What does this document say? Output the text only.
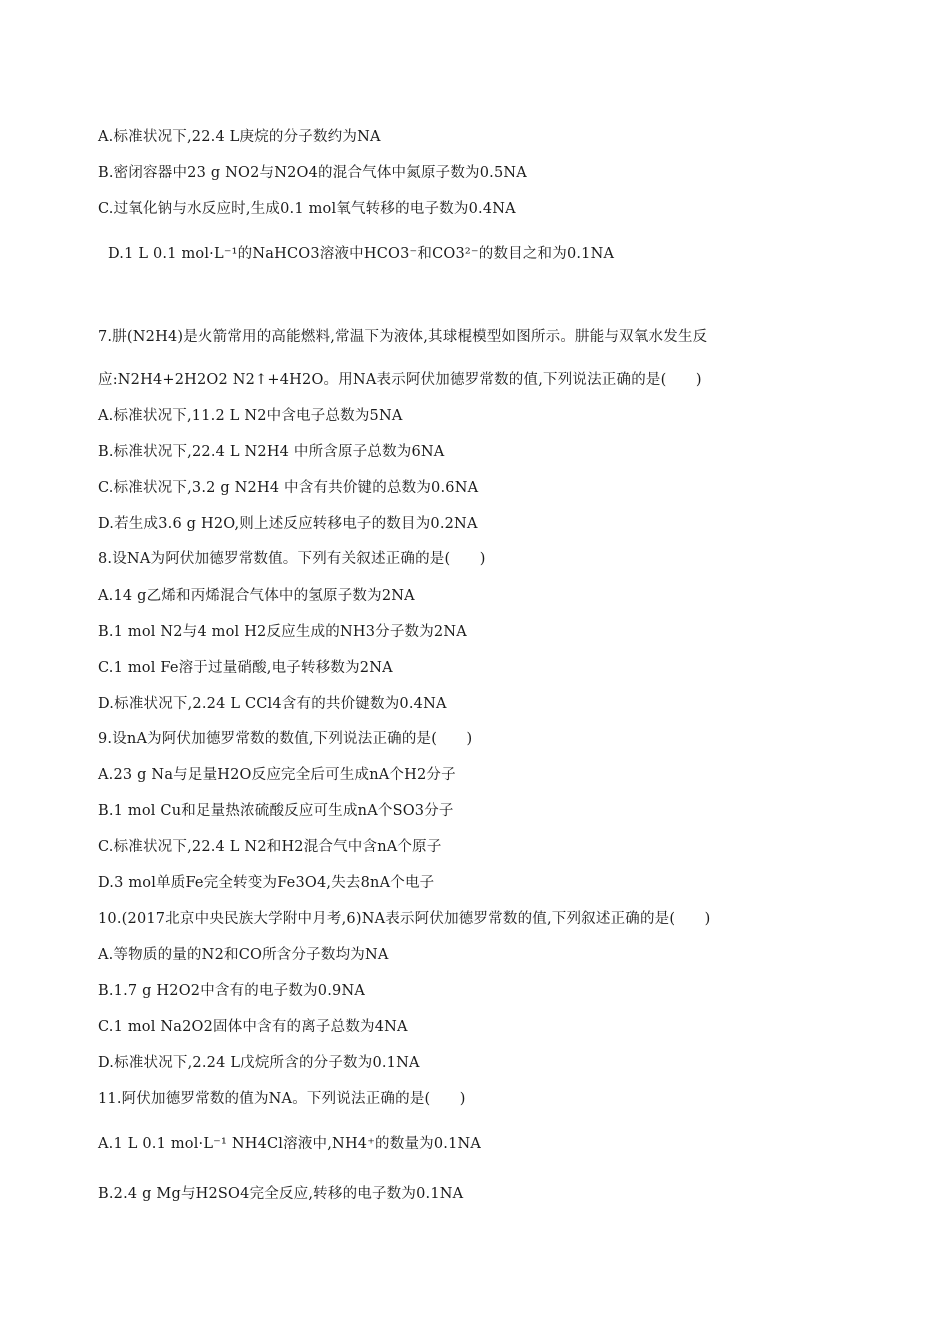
A.标准状况下,22.4 L庚烷的分子数约为NA
B.密闭容器中23 g NO2与N2O4的混合气体中氮原子数为0.5NA
C.过氧化钠与水反应时,生成0.1 mol氧气转移的电子数为0.4NA
D.1 L 0.1 mol·L⁻¹的NaHCO3溶液中HCO3⁻和CO3²⁻的数目之和为0.1NA
7.肼(N2H4)是火箭常用的高能燃料,常温下为液体,其球棍模型如图所示。肼能与双氧水发生反
应:N2H4+2H2O2 N2↑+4H2O。用NA表示阿伏加德罗常数的值,下列说法正确的是(　　)
A.标准状况下,11.2 L N2中含电子总数为5NA
B.标准状况下,22.4 L N2H4 中所含原子总数为6NA
C.标准状况下,3.2 g N2H4 中含有共价键的总数为0.6NA
D.若生成3.6 g H2O,则上述反应转移电子的数目为0.2NA
8.设NA为阿伏加德罗常数值。下列有关叙述正确的是(　　)
A.14 g乙烯和丙烯混合气体中的氢原子数为2NA
B.1 mol N2与4 mol H2反应生成的NH3分子数为2NA
C.1 mol Fe溶于过量硝酸,电子转移数为2NA
D.标准状况下,2.24 L CCl4含有的共价键数为0.4NA
9.设nA为阿伏加德罗常数的数值,下列说法正确的是(　　)
A.23 g Na与足量H2O反应完全后可生成nA个H2分子
B.1 mol Cu和足量热浓硫酸反应可生成nA个SO3分子
C.标准状况下,22.4 L N2和H2混合气中含nA个原子
D.3 mol单质Fe完全转变为Fe3O4,失去8nA个电子
10.(2017北京中央民族大学附中月考,6)NA表示阿伏加德罗常数的值,下列叙述正确的是(　　)
A.等物质的量的N2和CO所含分子数均为NA
B.1.7 g H2O2中含有的电子数为0.9NA
C.1 mol Na2O2固体中含有的离子总数为4NA
D.标准状况下,2.24 L戊烷所含的分子数为0.1NA
11.阿伏加德罗常数的值为NA。下列说法正确的是(　　)
A.1 L 0.1 mol·L⁻¹ NH4Cl溶液中,NH4⁺的数量为0.1NA
B.2.4 g Mg与H2SO4完全反应,转移的电子数为0.1NA
